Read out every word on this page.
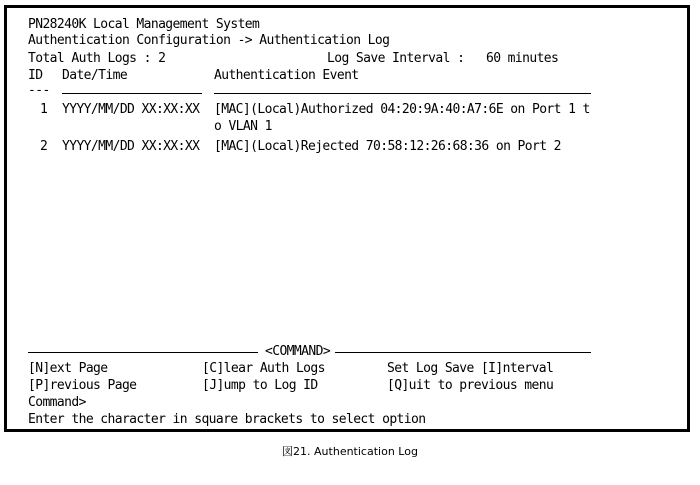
PN28240K Local Management System
Authentication Configuration -> Authentication Log
Total Auth Logs : 2	Log Save Interval :   60 minutes
ID Date/Time	Authentication Event
---
1 YYYY/MM/DD XX:XX:XX [MAC](Local)Authorized 04:20:9A:40:A7:6E on Port 1 t
o VLAN 1
2 YYYY/MM/DD XX:XX:XX [MAC](Local)Rejected 70:58:12:26:68:36 on Port 2
<COMMAND>
[N]ext Page	[C]lear Auth Logs	Set Log Save [I]nterval
[P]revious Page	[J]ump to Log ID	[Q]uit to previous menu
Command>
Enter the character in square brackets to select option
図21. Authentication Log
